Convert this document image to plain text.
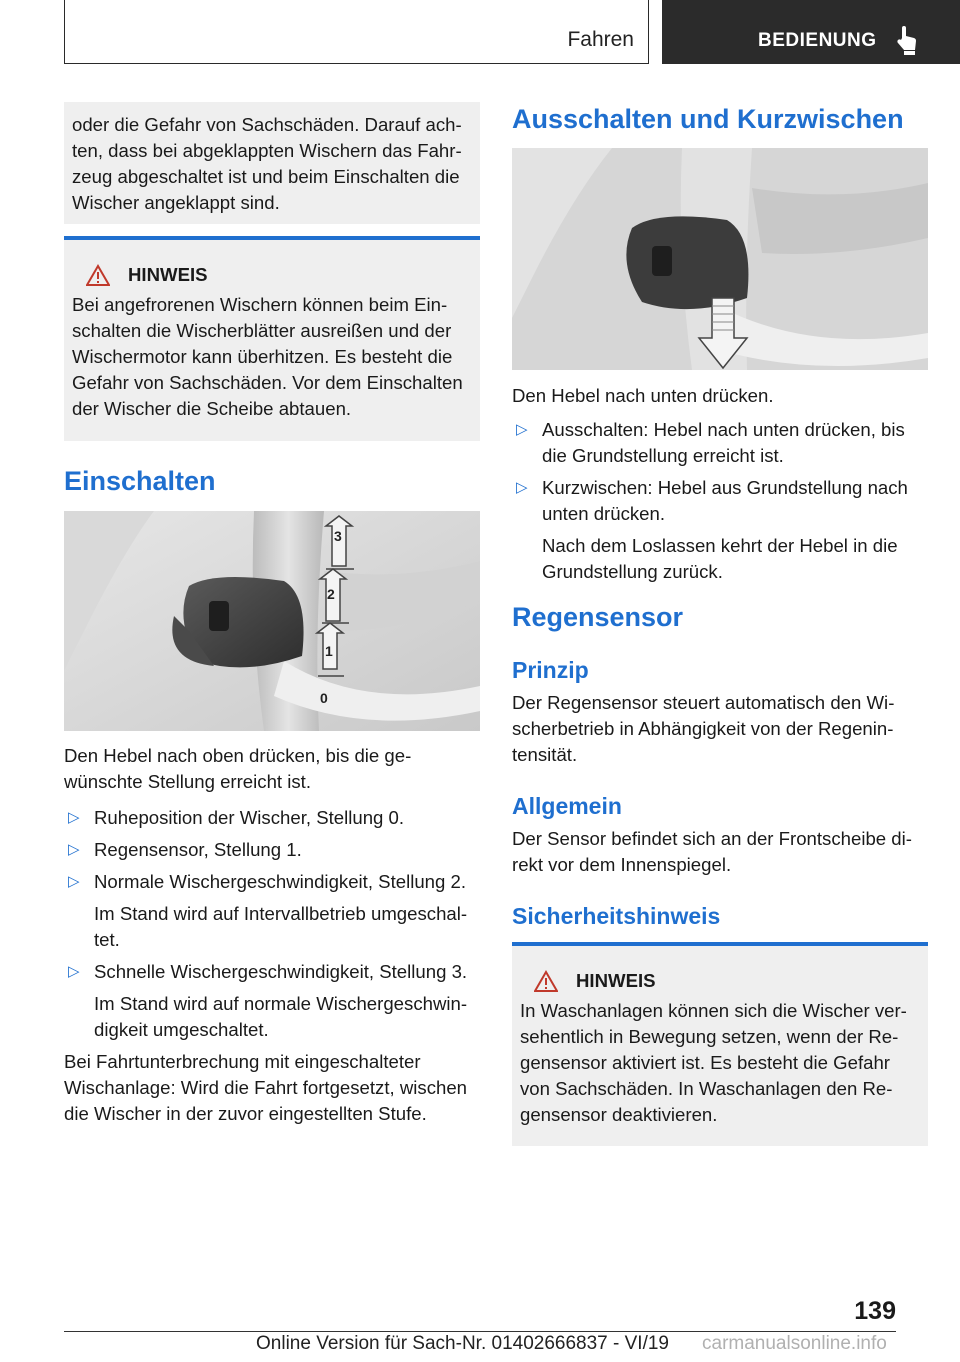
Fahren	BEDIENUNG

oder die Gefahr von Sachschäden. Darauf ach‐ten, dass bei abgeklappten Wischern das Fahr‐zeug abgeschaltet ist und beim Einschalten die Wischer angeklappt sind.

HINWEIS

Bei angefrorenen Wischern können beim Ein‐schalten die Wischerblätter ausreißen und der Wischermotor kann überhitzen. Es besteht die Gefahr von Sachschäden. Vor dem Einschalten der Wischer die Scheibe abtauen.

Einschalten
3
2
1
0

Den Hebel nach oben drücken, bis die ge‐wünschte Stellung erreicht ist.

▷ Ruheposition der Wischer, Stellung 0.
▷ Regensensor, Stellung 1.
▷ Normale Wischergeschwindigkeit, Stellung 2.

Im Stand wird auf Intervallbetrieb umgeschal‐tet.

▷ Schnelle Wischergeschwindigkeit, Stellung 3.

Im Stand wird auf normale Wischergeschwin‐digkeit umgeschaltet.

Bei Fahrtunterbrechung mit eingeschalteter Wischanlage: Wird die Fahrt fortgesetzt, wischen die Wischer in der zuvor eingestellten Stufe.

Ausschalten und Kurzwischen

Den Hebel nach unten drücken.

▷ Ausschalten: Hebel nach unten drücken, bis die Grundstellung erreicht ist.
▷ Kurzwischen: Hebel aus Grundstellung nach unten drücken.

Nach dem Loslassen kehrt der Hebel in die Grundstellung zurück.

Regensensor
Prinzip

Der Regensensor steuert automatisch den Wi‐scherbetrieb in Abhängigkeit von der Regenin‐tensität.

Allgemein

Der Sensor befindet sich an der Frontscheibe di‐rekt vor dem Innenspiegel.

Sicherheitshinweis
HINWEIS

In Waschanlagen können sich die Wischer ver‐sehentlich in Bewegung setzen, wenn der Re‐gensensor aktiviert ist. Es besteht die Gefahr von Sachschäden. In Waschanlagen den Re‐gensensor deaktivieren.

139
Online Version für Sach-Nr. 01402666837 - VI/19 carmanualsonline.info
